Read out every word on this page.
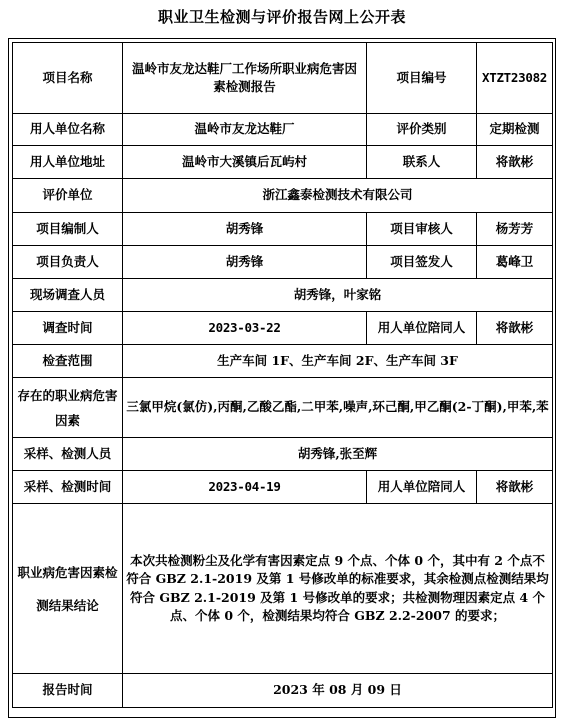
职业卫生检测与评价报告网上公开表
项目名称	温岭市友龙达鞋厂工作场所职业病危害因素检测报告	项目编号	XTZT23082
用人单位名称	温岭市友龙达鞋厂	评价类别	定期检测
用人单位地址	温岭市大溪镇后瓦屿村	联系人	将歆彬
评价单位	浙江鑫泰检测技术有限公司		
项目编制人	胡秀锋	项目审核人	杨芳芳
项目负责人	胡秀锋	项目签发人	葛峰卫
现场调查人员	胡秀锋，叶家铭		
调查时间	2023-03-22	用人单位陪同人	将歆彬
检查范围	生产车间 1F、生产车间 2F、生产车间 3F		
存在的职业病危害因素	三氯甲烷(氯仿),丙酮,乙酸乙酯,二甲苯,噪声,环己酮,甲乙酮(2-丁酮),甲苯,苯		
采样、检测人员	胡秀锋,张至辉		
采样、检测时间	2023-04-19	用人单位陪同人	将歆彬
职业病危害因素检测结果结论	本次共检测粉尘及化学有害因素定点 9 个点、个体 0 个，其中有 2 个点不符合 GBZ 2.1-2019 及第 1 号修改单的标准要求，其余检测点检测结果均符合 GBZ 2.1-2019 及第 1 号修改单的要求；共检测物理因素定点 4 个点、个体 0 个，检测结果均符合 GBZ 2.2-2007 的要求；		
报告时间	2023 年 08 月 09 日		
